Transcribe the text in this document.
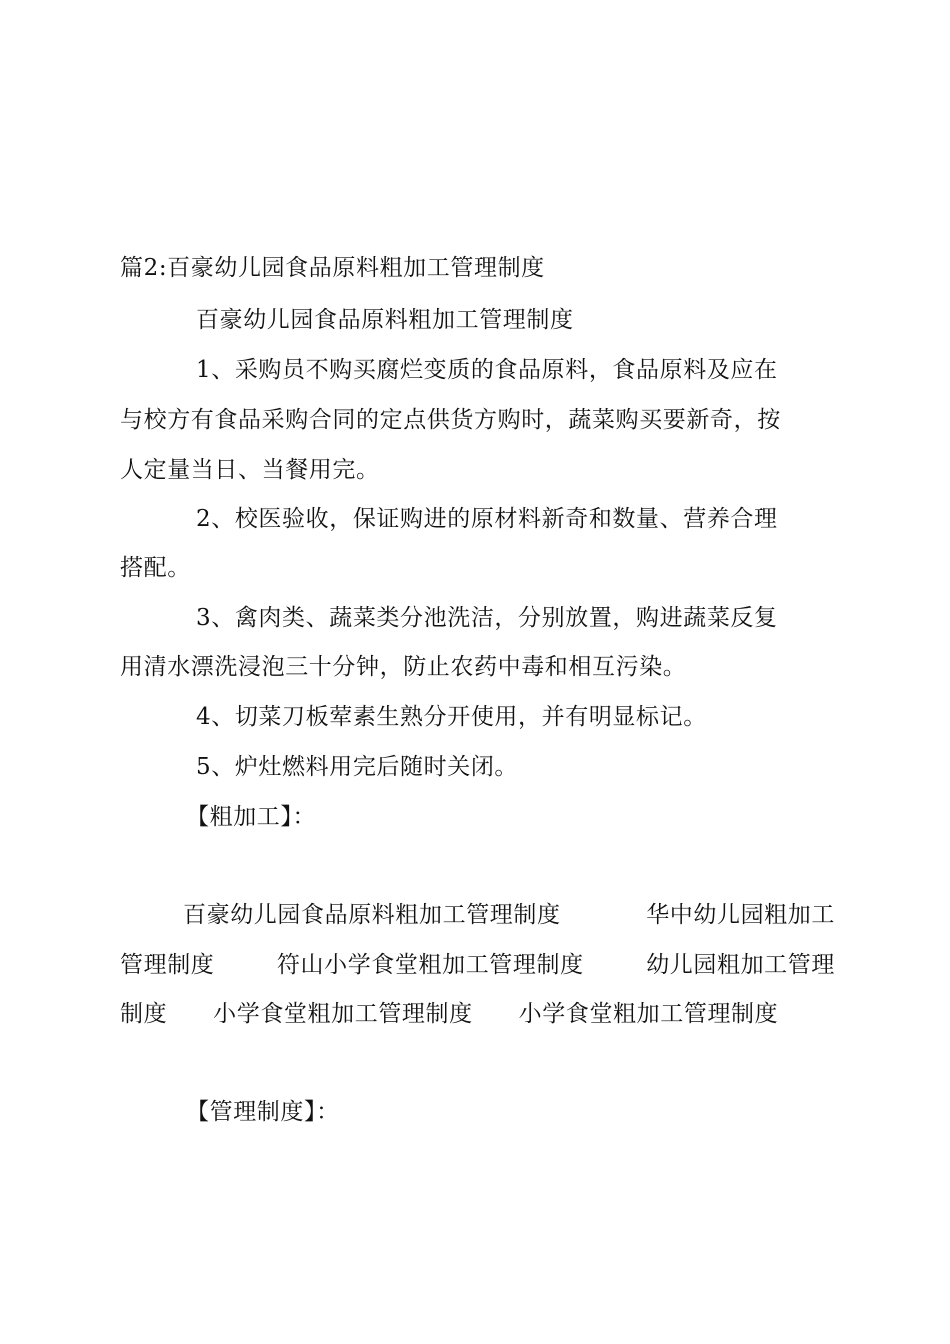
篇2:百豪幼儿园食品原料粗加工管理制度
百豪幼儿园食品原料粗加工管理制度
1、采购员不购买腐烂变质的食品原料，食品原料及应在
与校方有食品采购合同的定点供货方购时，蔬菜购买要新奇，按
人定量当日、当餐用完。
2、校医验收，保证购进的原材料新奇和数量、营养合理
搭配。
3、禽肉类、蔬菜类分池洗洁，分别放置，购进蔬菜反复
用清水漂洗浸泡三十分钟，防止农药中毒和相互污染。
4、切菜刀板荤素生熟分开使用，并有明显标记。
5、炉灶燃料用完后随时关闭。
【粗加工】：
百豪幼儿园食品原料粗加工管理制度	华中幼儿园粗加工
管理制度	符山小学食堂粗加工管理制度	幼儿园粗加工管理
制度 小学食堂粗加工管理制度 小学食堂粗加工管理制度
【管理制度】：
